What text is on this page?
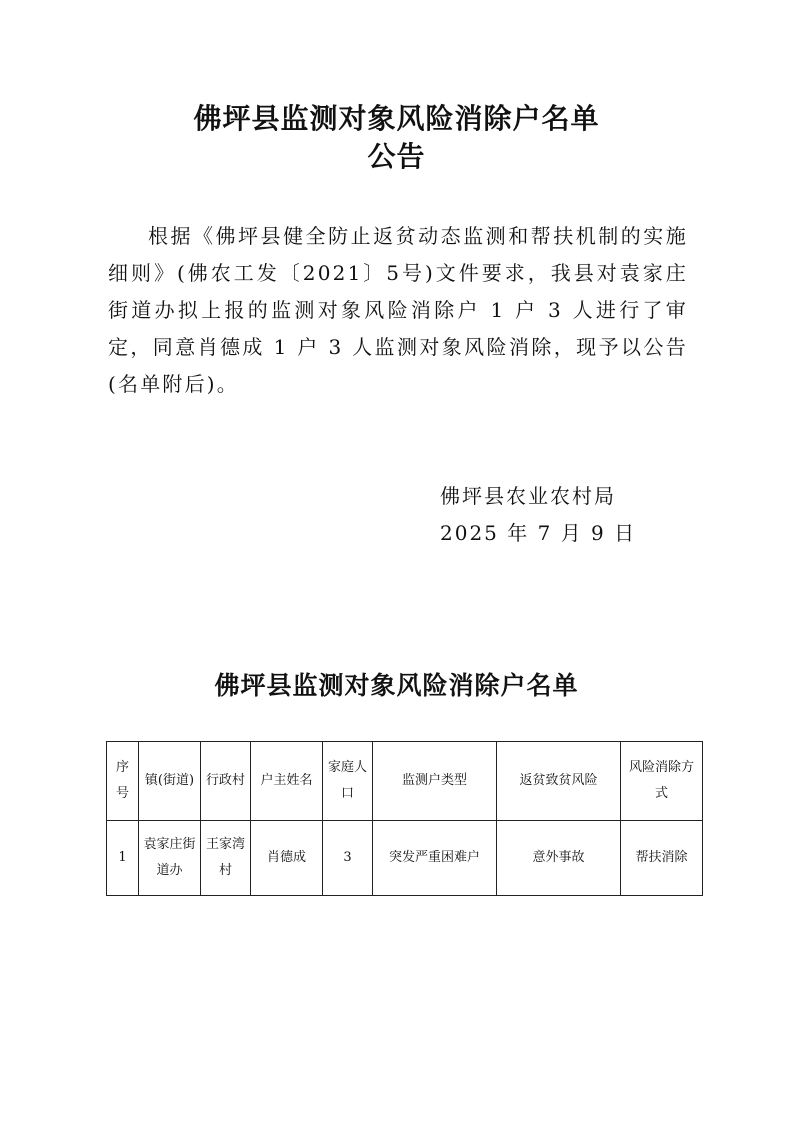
佛坪县监测对象风险消除户名单
公告

根据《佛坪县健全防止返贫动态监测和帮扶机制的实施细则》(佛农工发〔2021〕5号)文件要求，我县对袁家庄街道办拟上报的监测对象风险消除户 1 户 3 人进行了审定，同意肖德成 1 户 3 人监测对象风险消除，现予以公告(名单附后)。

佛坪县农业农村局
2025 年 7 月 9 日
佛坪县监测对象风险消除户名单
序号	镇(街道)	行政村	户主姓名	家庭人口	监测户类型	返贫致贫风险	风险消除方式
1	袁家庄街道办	王家湾村	肖德成	3	突发严重困难户	意外事故	帮扶消除
